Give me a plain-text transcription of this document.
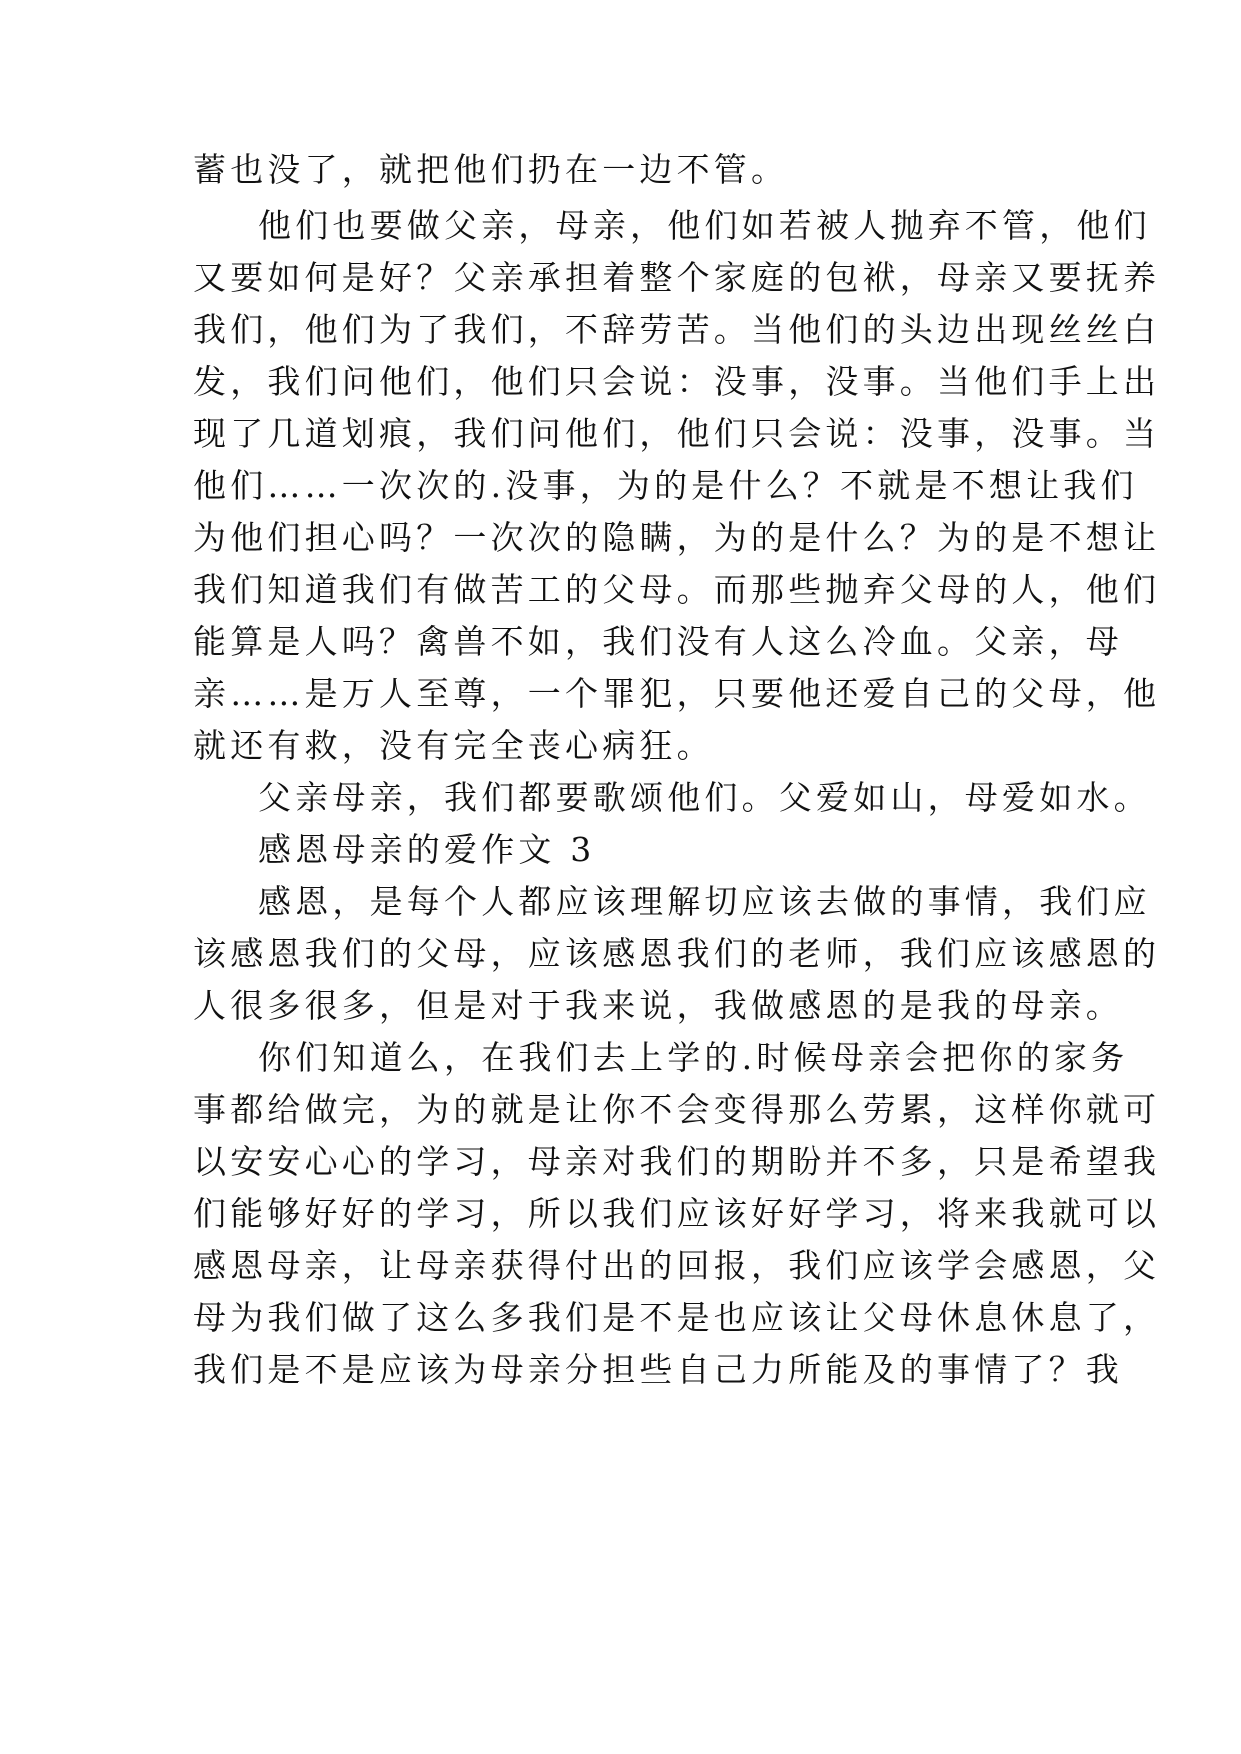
蓄也没了，就把他们扔在一边不管。
他们也要做父亲，母亲，他们如若被人抛弃不管，他们
又要如何是好？父亲承担着整个家庭的包袱，母亲又要抚养
我们，他们为了我们，不辞劳苦。当他们的头边出现丝丝白
发，我们问他们，他们只会说：没事，没事。当他们手上出
现了几道划痕，我们问他们，他们只会说：没事，没事。当
他们……一次次的.没事，为的是什么？不就是不想让我们
为他们担心吗？一次次的隐瞒，为的是什么？为的是不想让
我们知道我们有做苦工的父母。而那些抛弃父母的人，他们
能算是人吗？禽兽不如，我们没有人这么冷血。父亲，母
亲……是万人至尊，一个罪犯，只要他还爱自己的父母，他
就还有救，没有完全丧心病狂。
父亲母亲，我们都要歌颂他们。父爱如山，母爱如水。
感恩母亲的爱作文 3
感恩，是每个人都应该理解切应该去做的事情，我们应
该感恩我们的父母，应该感恩我们的老师，我们应该感恩的
人很多很多，但是对于我来说，我做感恩的是我的母亲。
你们知道么，在我们去上学的.时候母亲会把你的家务
事都给做完，为的就是让你不会变得那么劳累，这样你就可
以安安心心的学习，母亲对我们的期盼并不多，只是希望我
们能够好好的学习，所以我们应该好好学习，将来我就可以
感恩母亲，让母亲获得付出的回报，我们应该学会感恩，父
母为我们做了这么多我们是不是也应该让父母休息休息了，
我们是不是应该为母亲分担些自己力所能及的事情了？我
